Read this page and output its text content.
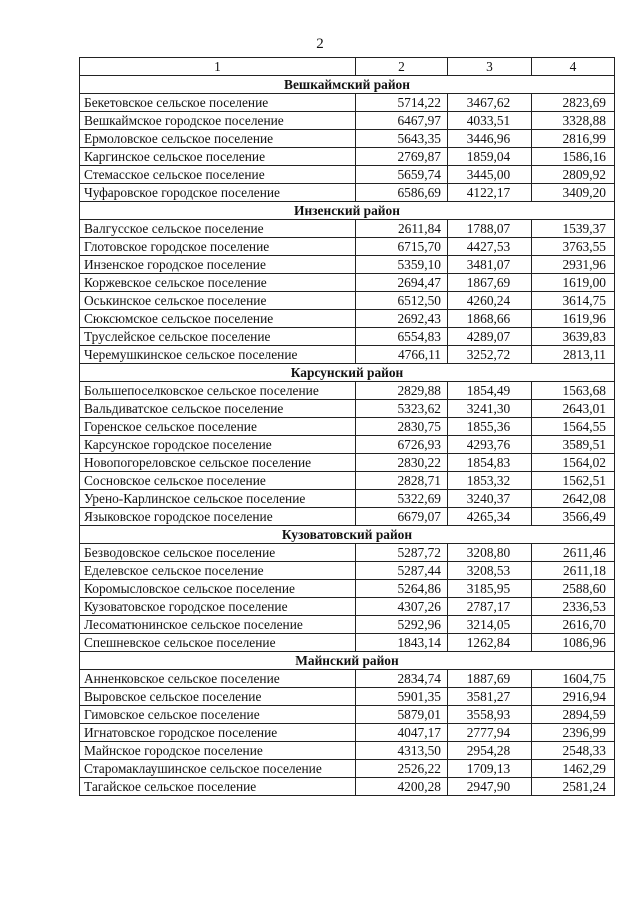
2
1	2	3	4
Вешкаймский район			
Бекетовское сельское поселение	5714,22	3467,62	2823,69
Вешкаймское городское поселение	6467,97	4033,51	3328,88
Ермоловское сельское поселение	5643,35	3446,96	2816,99
Каргинское сельское поселение	2769,87	1859,04	1586,16
Стемасское сельское поселение	5659,74	3445,00	2809,92
Чуфаровское городское поселение	6586,69	4122,17	3409,20
Инзенский район			
Валгусское сельское поселение	2611,84	1788,07	1539,37
Глотовское городское поселение	6715,70	4427,53	3763,55
Инзенское городское поселение	5359,10	3481,07	2931,96
Коржевское сельское поселение	2694,47	1867,69	1619,00
Оськинское сельское поселение	6512,50	4260,24	3614,75
Сюксюмское сельское поселение	2692,43	1868,66	1619,96
Труслейское сельское поселение	6554,83	4289,07	3639,83
Черемушкинское сельское поселение	4766,11	3252,72	2813,11
Карсунский район			
Большепоселковское сельское поселение	2829,88	1854,49	1563,68
Вальдиватское сельское поселение	5323,62	3241,30	2643,01
Горенское сельское поселение	2830,75	1855,36	1564,55
Карсунское городское поселение	6726,93	4293,76	3589,51
Новопогореловское сельское поселение	2830,22	1854,83	1564,02
Сосновское сельское поселение	2828,71	1853,32	1562,51
Урено-Карлинское сельское поселение	5322,69	3240,37	2642,08
Языковское городское поселение	6679,07	4265,34	3566,49
Кузоватовский район			
Безводовское сельское поселение	5287,72	3208,80	2611,46
Еделевское сельское поселение	5287,44	3208,53	2611,18
Коромысловское сельское поселение	5264,86	3185,95	2588,60
Кузоватовское городское поселение	4307,26	2787,17	2336,53
Лесоматюнинское сельское поселение	5292,96	3214,05	2616,70
Спешневское сельское поселение	1843,14	1262,84	1086,96
Майнский район			
Анненковское сельское поселение	2834,74	1887,69	1604,75
Выровское сельское поселение	5901,35	3581,27	2916,94
Гимовское сельское поселение	5879,01	3558,93	2894,59
Игнатовское городское поселение	4047,17	2777,94	2396,99
Майнское городское поселение	4313,50	2954,28	2548,33
Старомаклаушинское сельское поселение	2526,22	1709,13	1462,29
Тагайское сельское поселение	4200,28	2947,90	2581,24
